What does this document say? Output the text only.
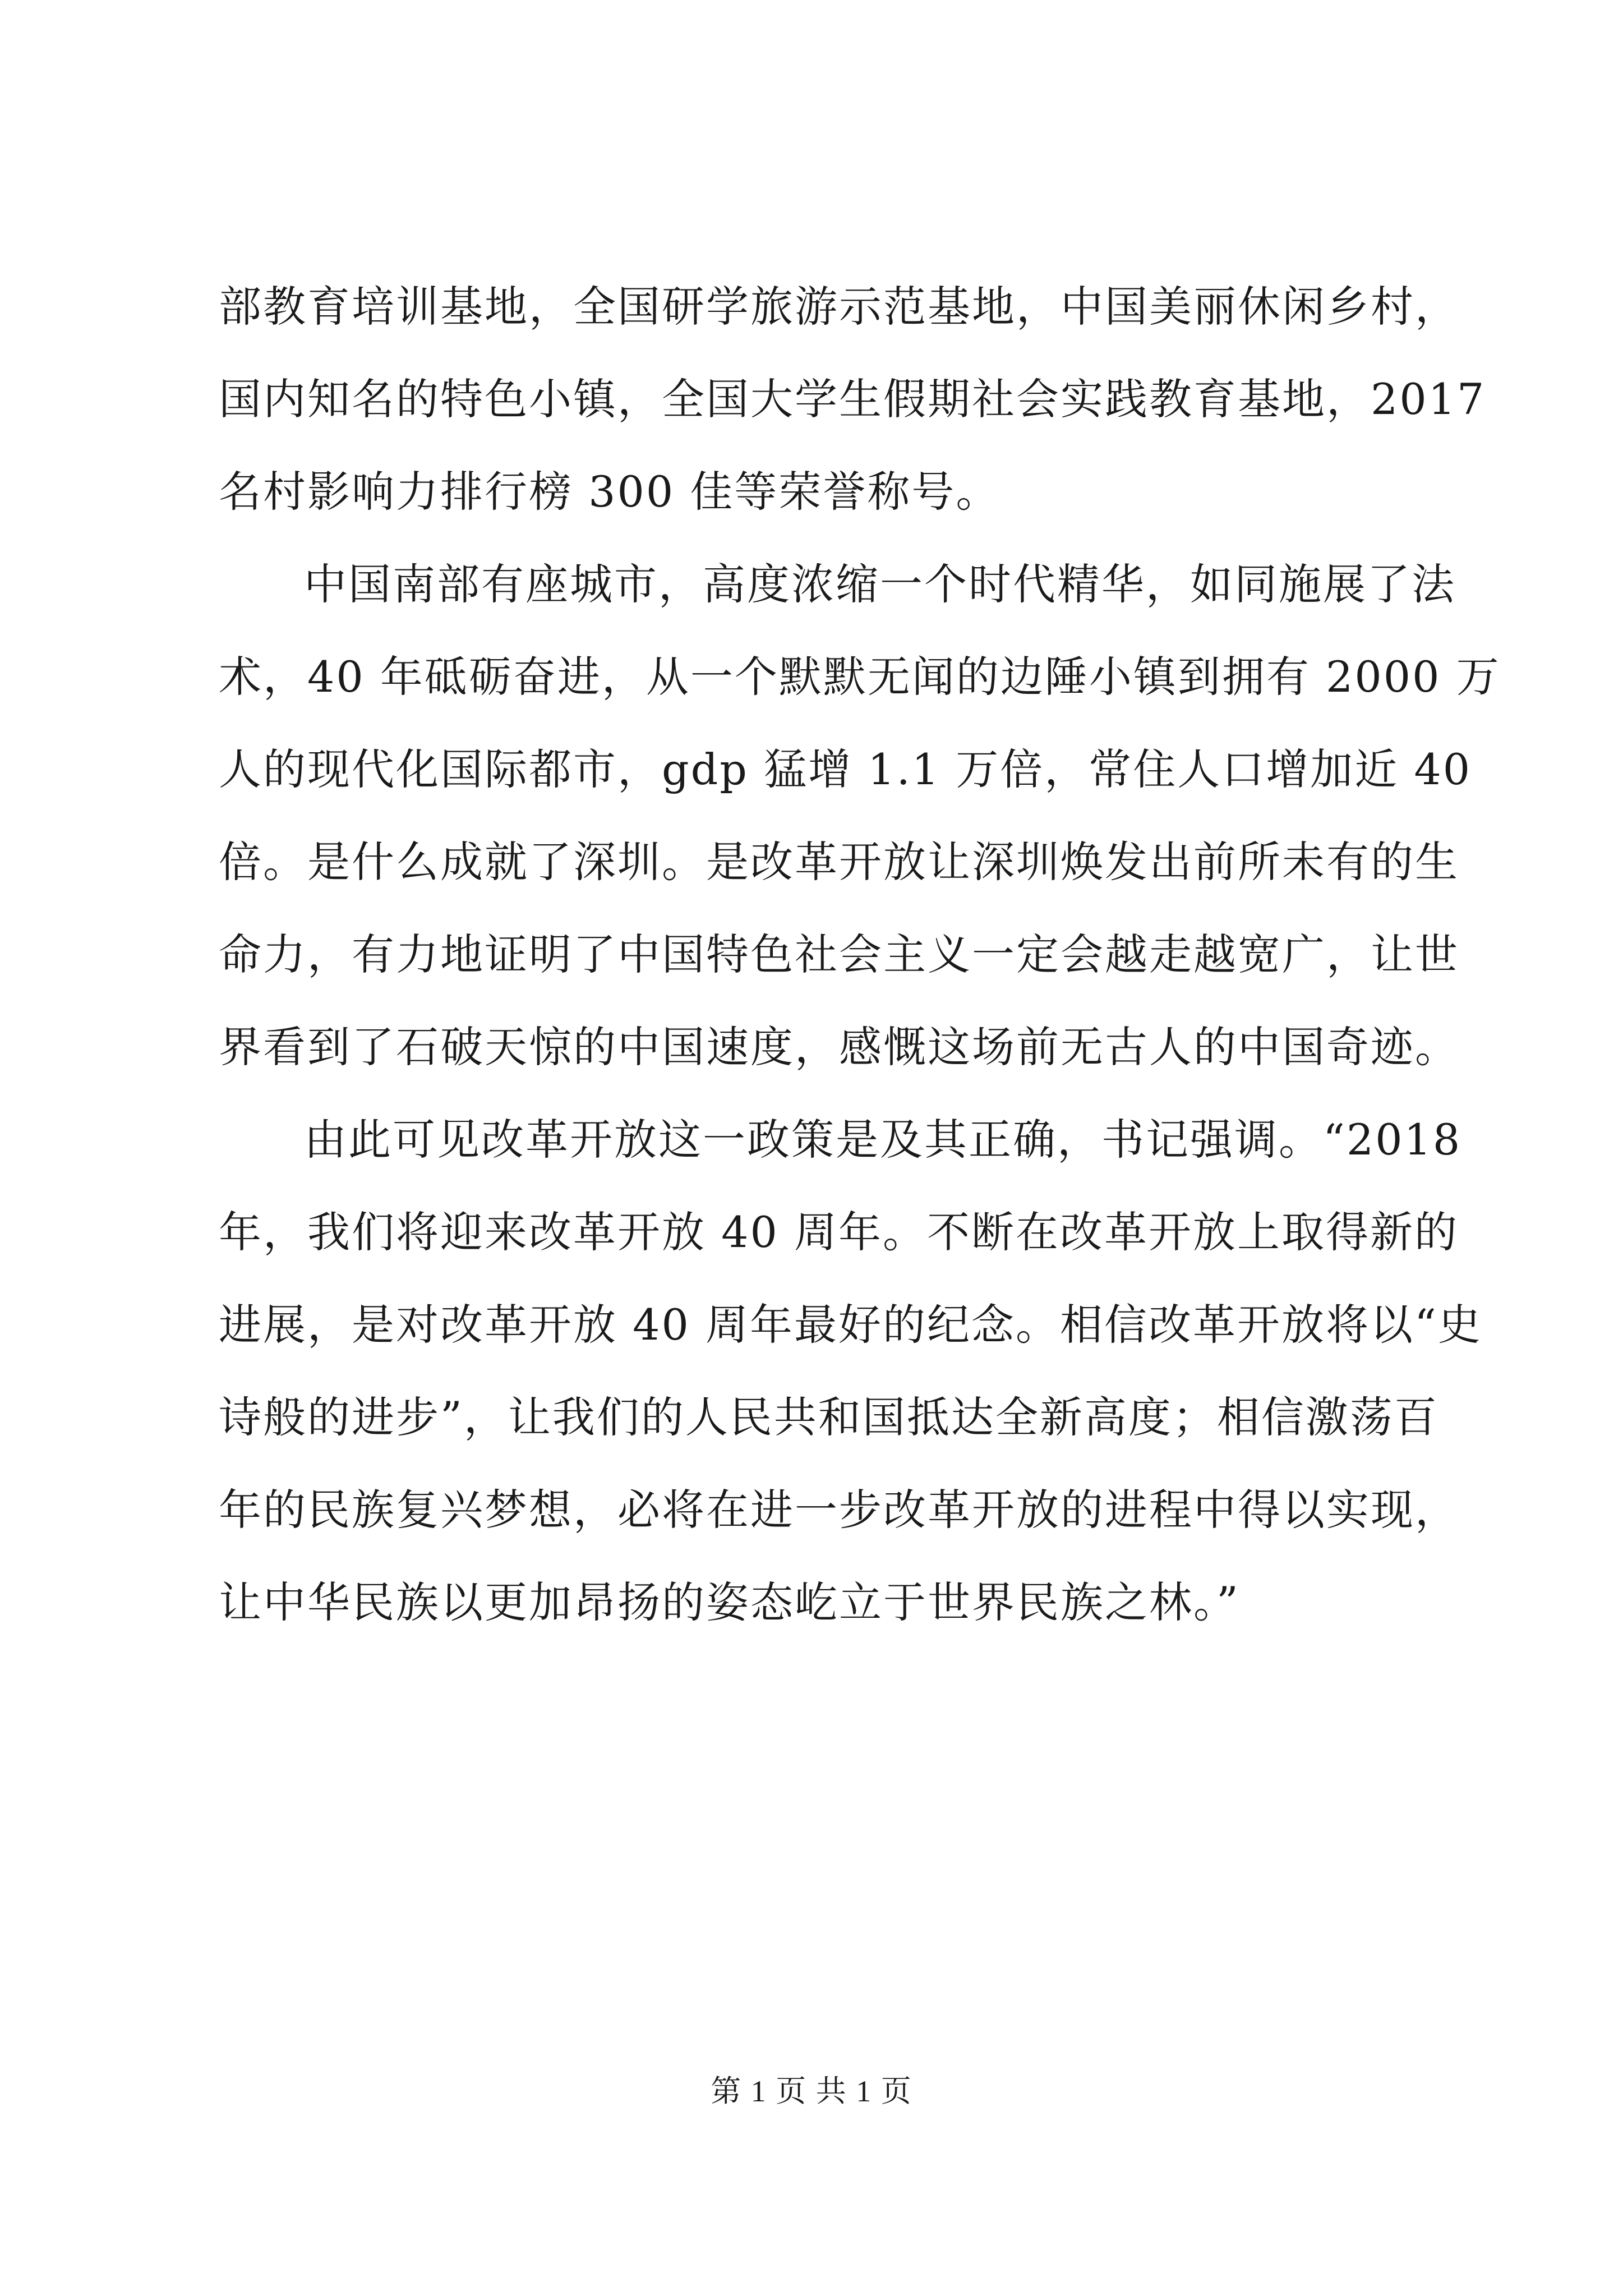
部教育培训基地，全国研学旅游示范基地，中国美丽休闲乡村，
国内知名的特色小镇，全国大学生假期社会实践教育基地，2017
名村影响力排行榜 300 佳等荣誉称号。
中国南部有座城市，高度浓缩一个时代精华，如同施展了法
术，40 年砥砺奋进，从一个默默无闻的边陲小镇到拥有 2000 万
人的现代化国际都市，gdp 猛增 1.1 万倍，常住人口增加近 40
倍。是什么成就了深圳。是改革开放让深圳焕发出前所未有的生
命力，有力地证明了中国特色社会主义一定会越走越宽广，让世
界看到了石破天惊的中国速度，感慨这场前无古人的中国奇迹。
由此可见改革开放这一政策是及其正确，书记强调。“2018
年，我们将迎来改革开放 40 周年。不断在改革开放上取得新的
进展，是对改革开放 40 周年最好的纪念。相信改革开放将以“史
诗般的进步”，让我们的人民共和国抵达全新高度；相信激荡百
年的民族复兴梦想，必将在进一步改革开放的进程中得以实现，
让中华民族以更加昂扬的姿态屹立于世界民族之林。”
第 1 页 共 1 页
